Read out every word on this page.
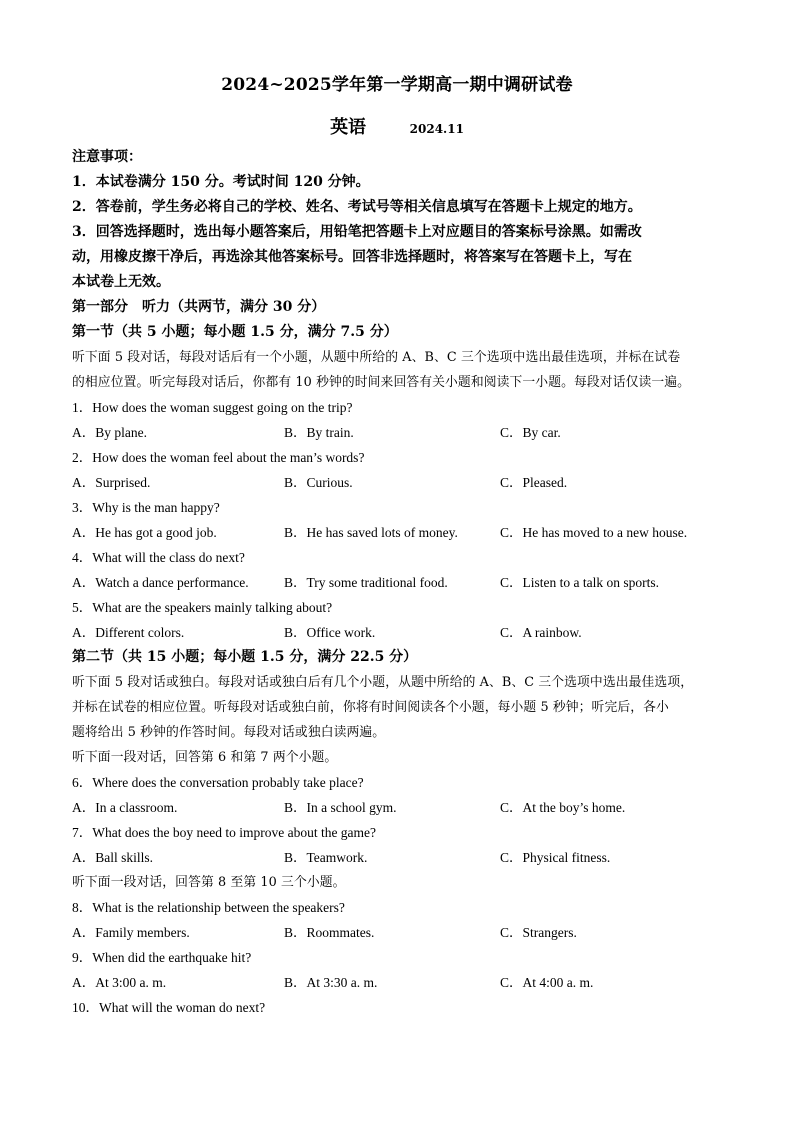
2024~2025学年第一学期高一期中调研试卷
英语	2024.11
注意事项：
1．本试卷满分 150 分。考试时间 120 分钟。
2．答卷前，学生务必将自己的学校、姓名、考试号等相关信息填写在答题卡上规定的地方。
3．回答选择题时，选出每小题答案后，用铅笔把答题卡上对应题目的答案标号涂黑。如需改
动，用橡皮擦干净后，再选涂其他答案标号。回答非选择题时，将答案写在答题卡上，写在
本试卷上无效。
第一部分　听力（共两节，满分 30 分）
第一节（共 5 小题；每小题 1.5 分，满分 7.5 分）
听下面 5 段对话，每段对话后有一个小题，从题中所给的 A、B、C 三个选项中选出最佳选项，并标在试卷
的相应位置。听完每段对话后，你都有 10 秒钟的时间来回答有关小题和阅读下一小题。每段对话仅读一遍。
1．How does the woman suggest going on the trip?
A．By plane.	B．By train.	C．By car.
2．How does the woman feel about the man’s words?
A．Surprised.	B．Curious.	C．Pleased.
3．Why is the man happy?
A．He has got a good job.	B．He has saved lots of money.	C．He has moved to a new house.
4．What will the class do next?
A．Watch a dance performance.	B．Try some traditional food.	C．Listen to a talk on sports.
5．What are the speakers mainly talking about?
A．Different colors.	B．Office work.	C．A rainbow.
第二节（共 15 小题；每小题 1.5 分，满分 22.5 分）
听下面 5 段对话或独白。每段对话或独白后有几个小题，从题中所给的 A、B、C 三个选项中选出最佳选项，
并标在试卷的相应位置。听每段对话或独白前，你将有时间阅读各个小题，每小题 5 秒钟；听完后，各小
题将给出 5 秒钟的作答时间。每段对话或独白读两遍。
听下面一段对话，回答第 6 和第 7 两个小题。
6．Where does the conversation probably take place?
A．In a classroom.	B．In a school gym.	C．At the boy’s home.
7．What does the boy need to improve about the game?
A．Ball skills.	B．Teamwork.	C．Physical fitness.
听下面一段对话，回答第 8 至第 10 三个小题。
8．What is the relationship between the speakers?
A．Family members.	B．Roommates.	C．Strangers.
9．When did the earthquake hit?
A．At 3:00 a. m.	B．At 3:30 a. m.	C．At 4:00 a. m.
10．What will the woman do next?
